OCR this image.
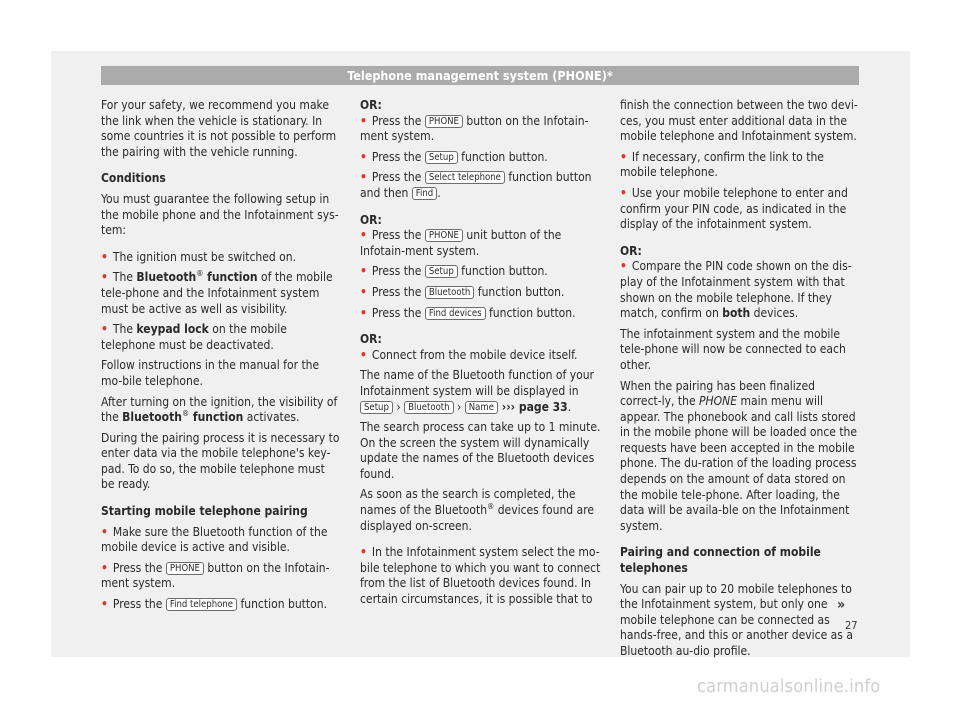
Telephone management system (PHONE)*

For your safety, we recommend you make the link when the vehicle is stationary. In some countries it is not possible to perform the pairing with the vehicle running.

Conditions

You must guarantee the following setup in the mobile phone and the Infotainment sys-tem:

• The ignition must be switched on.

• The Bluetooth® function of the mobile tele-phone and the Infotainment system must be active as well as visibility.

• The keypad lock on the mobile telephone must be deactivated.

Follow instructions in the manual for the mo-bile telephone.

After turning on the ignition, the visibility of the Bluetooth® function activates.

During the pairing process it is necessary to enter data via the mobile telephone's key-pad. To do so, the mobile telephone must be ready.

Starting mobile telephone pairing

• Make sure the Bluetooth function of the mobile device is active and visible.

• Press the PHONE button on the Infotain-ment system.

• Press the Find telephone function button.

OR:

• Press the PHONE button on the Infotain-ment system.

• Press the Setup function button.

• Press the Select telephone function button and then Find .

OR:

• Press the PHONE unit button of the Infotain-ment system.

• Press the Setup function button.

• Press the Bluetooth function button.

• Press the Find devices function button.

OR:

• Connect from the mobile device itself.

The name of the Bluetooth function of your Infotainment system will be displayed in Setup › Bluetooth › Name ››› page 33.

The search process can take up to 1 minute. On the screen the system will dynamically update the names of the Bluetooth devices found.

As soon as the search is completed, the names of the Bluetooth® devices found are displayed on-screen.

• In the Infotainment system select the mo-bile telephone to which you want to connect from the list of Bluetooth devices found. In certain circumstances, it is possible that to

finish the connection between the two devi-ces, you must enter additional data in the mobile telephone and Infotainment system.

• If necessary, confirm the link to the mobile telephone.

• Use your mobile telephone to enter and confirm your PIN code, as indicated in the display of the infotainment system.

OR:

• Compare the PIN code shown on the dis-play of the Infotainment system with that shown on the mobile telephone. If they match, confirm on both devices.

The infotainment system and the mobile tele-phone will now be connected to each other.

When the pairing has been finalized correct-ly, the PHONE main menu will appear. The phonebook and call lists stored in the mobile phone will be loaded once the requests have been accepted in the mobile phone. The du-ration of the loading process depends on the amount of data stored on the mobile tele-phone. After loading, the data will be availa-ble on the Infotainment system.

Pairing and connection of mobile telephones

You can pair up to 20 mobile telephones to the Infotainment system, but only one mobile telephone can be connected as hands-free, and this or another device as a Bluetooth au-dio profile.

»
27
carmanualsonline.info
